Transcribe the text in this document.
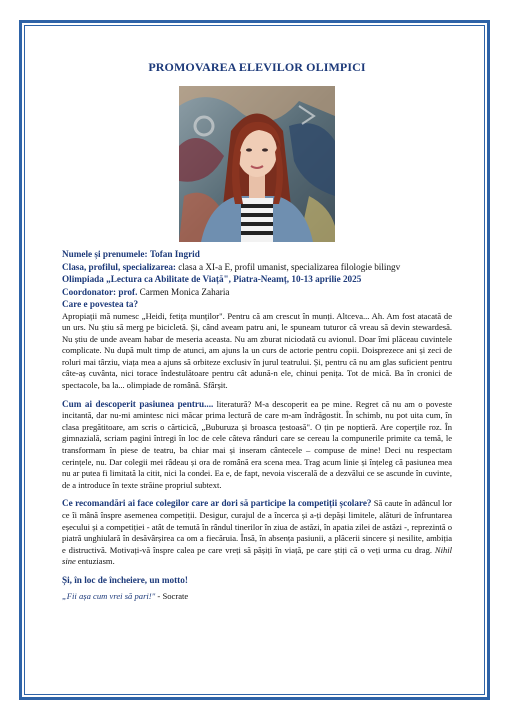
PROMOVAREA ELEVILOR OLIMPICI
Numele și prenumele: Tofan Ingrid
Clasa, profilul, specializarea: clasa a XI-a E, profil umanist, specializarea filologie bilingv
Olimpiada „Lectura ca Abilitate de Viață", Piatra-Neamț, 10-13 aprilie 2025
Coordonator: prof. Carmen Monica Zaharia
Care e povestea ta?

Apropiații mă numesc „Heidi, fetița munților". Pentru că am crescut în munți. Altceva... Ah. Am fost atacată de un urs. Nu știu să merg pe bicicletă. Și, când aveam patru ani, le spuneam tuturor că vreau să devin stewardesă. Nu știu de unde aveam habar de meseria aceasta. Nu am zburat niciodată cu avionul. Doar îmi plăceau cuvintele complicate. Nu după mult timp de atunci, am ajuns la un curs de actorie pentru copii. Doisprezece ani și zeci de roluri mai târziu, viața mea a ajuns să orbiteze exclusiv în jurul teatrului. Și, pentru că nu am glas suficient pentru câte-aș cuvânta, nici torace îndestulătoare pentru cât adună-n ele, chinui penița. Tot de mică. Ba în cronici de spectacole, ba la... olimpiade de română. Sfârșit.

Cum ai descoperit pasiunea pentru.... literatură? M-a descoperit ea pe mine. Regret că nu am o poveste incitantă, dar nu-mi amintesc nici măcar prima lectură de care m-am îndrăgostit. În schimb, nu pot uita cum, în clasa pregătitoare, am scris o cărticică, „Buburuza și broasca țestoasă". O țin pe noptieră. Are coperțile roz. În gimnazială, scriam pagini întregi în loc de cele câteva rânduri care se cereau la compunerile primite ca temă, le transformam în piese de teatru, ba chiar mai și inseram cântecele – compuse de mine! Deci nu respectam cerințele, nu. Dar colegii mei râdeau și ora de română era scena mea. Trag acum linie și înțeleg că pasiunea mea nu ar putea fi limitată la citit, nici la condei. Ea e, de fapt, nevoia viscerală de a dezvălui ce se ascunde în cuvinte, de a introduce în texte străine propriul subtext.

Ce recomandări ai face colegilor care ar dori să participe la competiții școlare? Să caute în adâncul lor ce îi mână înspre asemenea competiții. Desigur, curajul de a încerca și a-ți depăși limitele, alături de înfruntarea eșecului și a competiției - atât de temută în rândul tinerilor în ziua de astăzi, în apatia zilei de astăzi -, reprezintă o piatră unghiulară în desăvârșirea ca om a fiecăruia. Însă, în absența pasiunii, a plăcerii sincere și nesilite, ambiția e distructivă. Motivați-vă înspre calea pe care vreți să pășiți în viață, pe care știți că o veți urma cu drag. Nihil sine entuziasm.

Și, în loc de încheiere, un motto!
„Fii așa cum vrei să pari!" - Socrate
